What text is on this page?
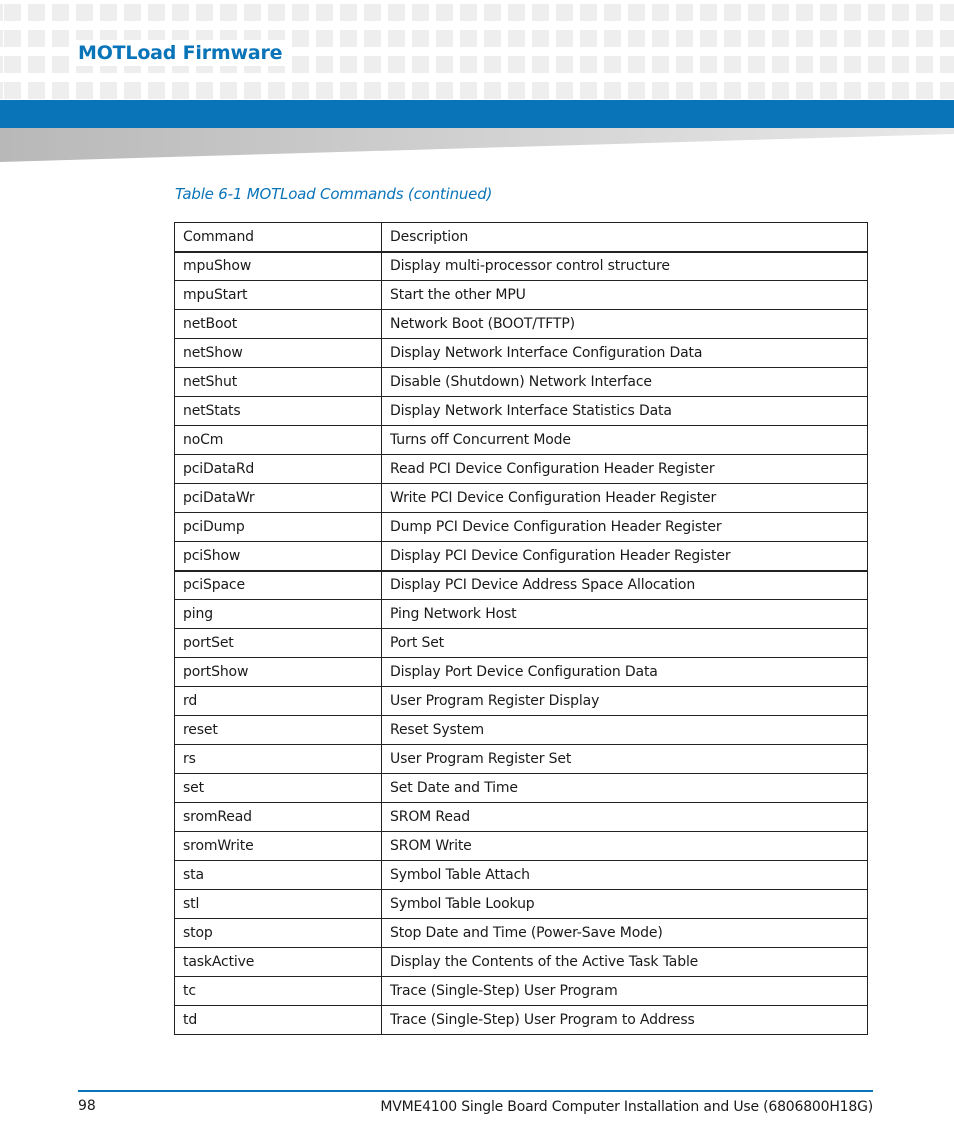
MOTLoad Firmware
Table 6-1 MOTLoad Commands (continued)
Command	Description
mpuShow	Display multi-processor control structure
mpuStart	Start the other MPU
netBoot	Network Boot (BOOT/TFTP)
netShow	Display Network Interface Configuration Data
netShut	Disable (Shutdown) Network Interface
netStats	Display Network Interface Statistics Data
noCm	Turns off Concurrent Mode
pciDataRd	Read PCI Device Configuration Header Register
pciDataWr	Write PCI Device Configuration Header Register
pciDump	Dump PCI Device Configuration Header Register
pciShow	Display PCI Device Configuration Header Register
pciSpace	Display PCI Device Address Space Allocation
ping	Ping Network Host
portSet	Port Set
portShow	Display Port Device Configuration Data
rd	User Program Register Display
reset	Reset System
rs	User Program Register Set
set	Set Date and Time
sromRead	SROM Read
sromWrite	SROM Write
sta	Symbol Table Attach
stl	Symbol Table Lookup
stop	Stop Date and Time (Power-Save Mode)
taskActive	Display the Contents of the Active Task Table
tc	Trace (Single-Step) User Program
td	Trace (Single-Step) User Program to Address
98	MVME4100 Single Board Computer Installation and Use (6806800H18G)
